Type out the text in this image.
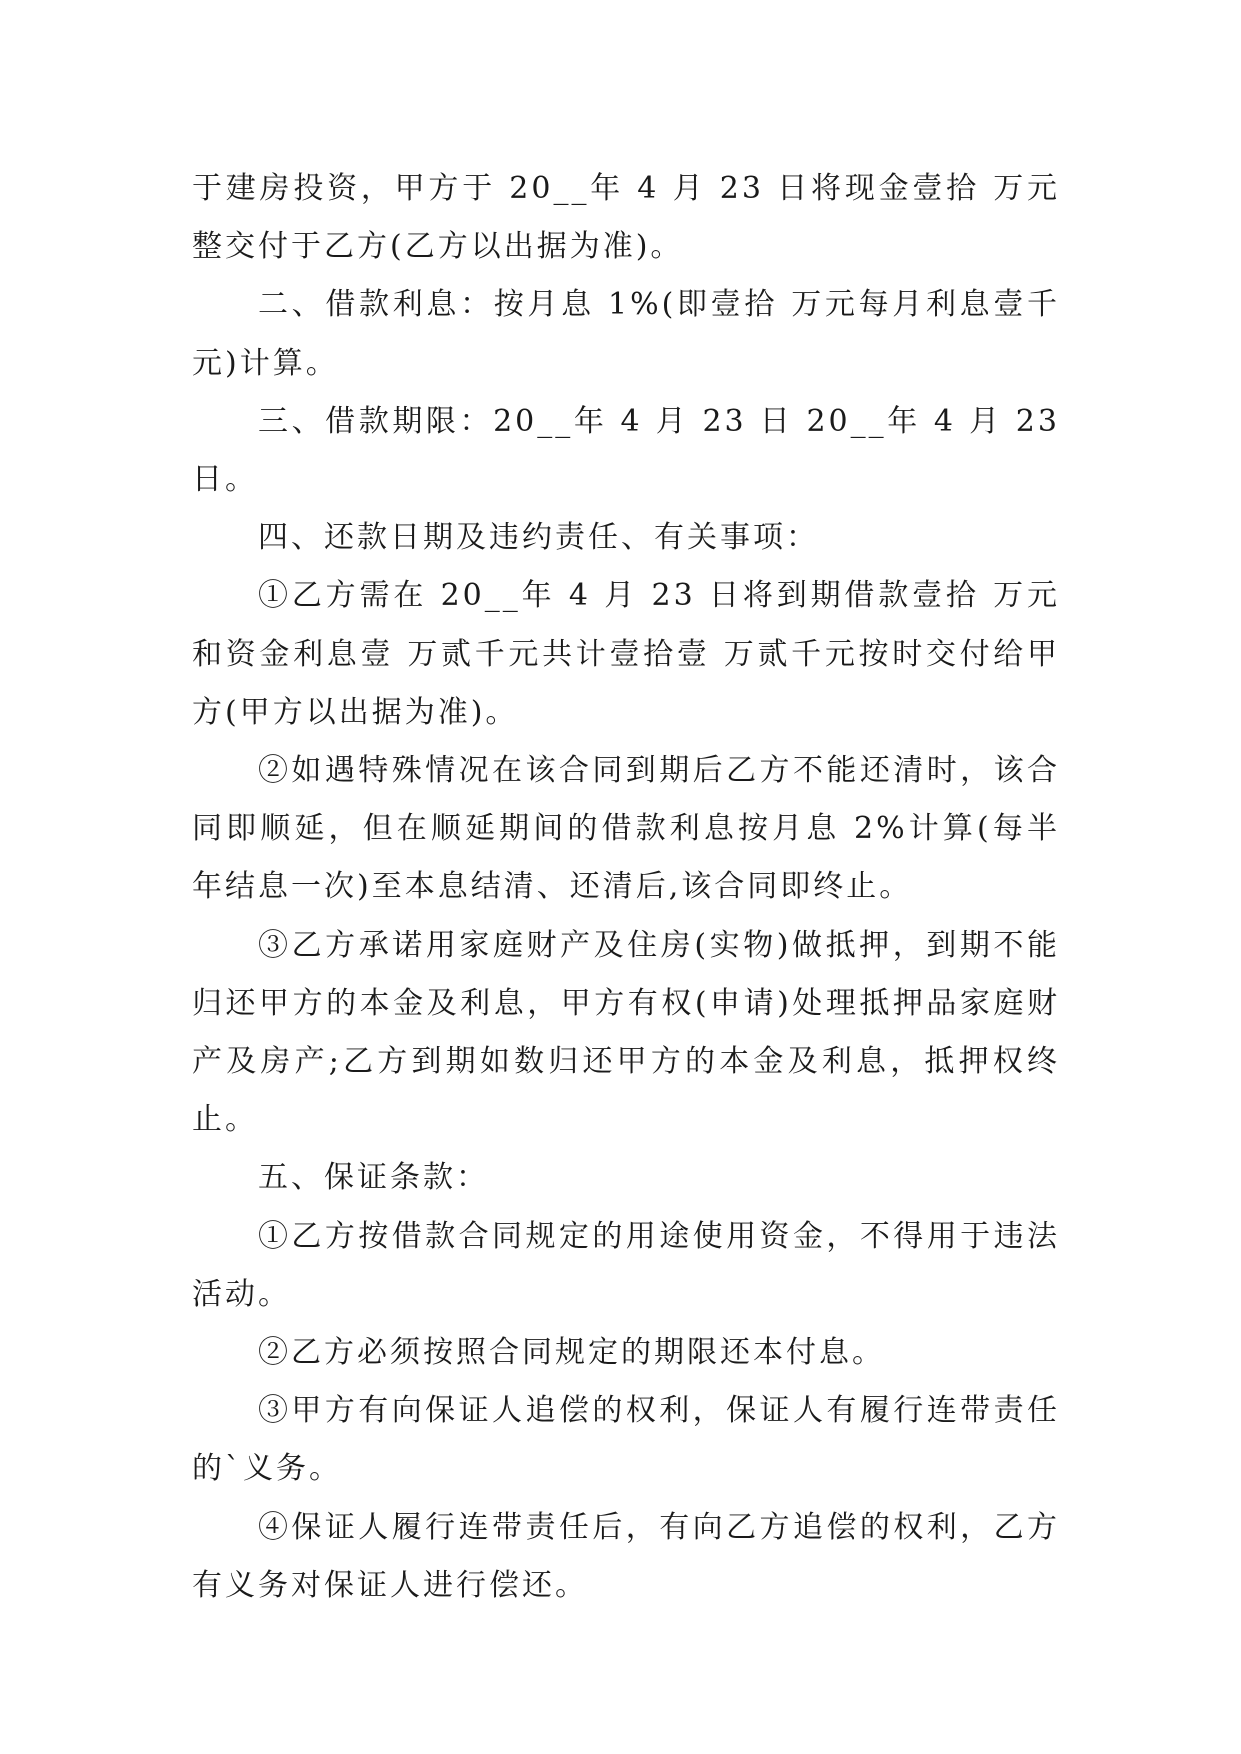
于建房投资，甲方于 20__年 4 月 23 日将现金壹拾 万元整交付于乙方(乙方以出据为准)。

二、借款利息：按月息 1%(即壹拾 万元每月利息壹千元)计算。

三、借款期限：20__年 4 月 23 日 20__年 4 月 23 日。

四、还款日期及违约责任、有关事项：

①乙方需在 20__年 4 月 23 日将到期借款壹拾 万元和资金利息壹 万贰千元共计壹拾壹 万贰千元按时交付给甲方(甲方以出据为准)。

②如遇特殊情况在该合同到期后乙方不能还清时，该合同即顺延，但在顺延期间的借款利息按月息 2%计算(每半年结息一次)至本息结清、还清后,该合同即终止。

③乙方承诺用家庭财产及住房(实物)做抵押，到期不能归还甲方的本金及利息，甲方有权(申请)处理抵押品家庭财产及房产;乙方到期如数归还甲方的本金及利息，抵押权终止。

五、保证条款：

①乙方按借款合同规定的用途使用资金，不得用于违法活动。

②乙方必须按照合同规定的期限还本付息。

③甲方有向保证人追偿的权利，保证人有履行连带责任的`义务。

④保证人履行连带责任后，有向乙方追偿的权利，乙方有义务对保证人进行偿还。
